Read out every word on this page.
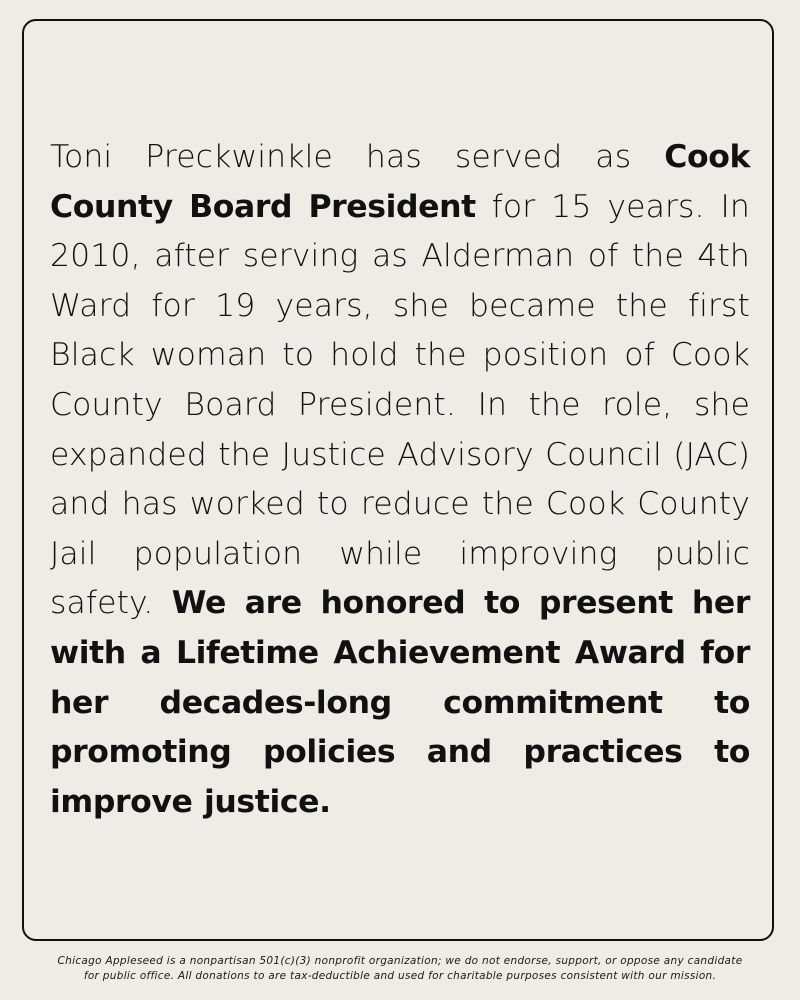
Toni Preckwinkle has served as Cook County Board President for 15 years. In 2010, after serving as Alderman of the 4th Ward for 19 years, she became the first Black woman to hold the position of Cook County Board President. In the role, she expanded the Justice Advisory Council (JAC) and has worked to reduce the Cook County Jail population while improving public safety. We are honored to present her with a Lifetime Achievement Award for her decades-long commitment to promoting policies and practices to improve justice.

Chicago Appleseed is a nonpartisan 501(c)(3) nonprofit organization; we do not endorse, support, or oppose any candidate
for public office. All donations to are tax-deductible and used for charitable purposes consistent with our mission.
